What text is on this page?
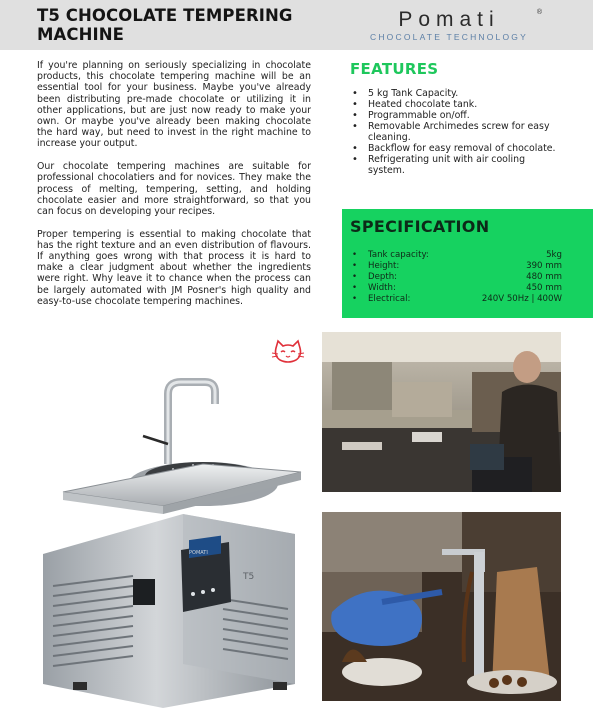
T5 CHOCOLATE TEMPERING MACHINE
Pomati	®
CHOCOLATE TECHNOLOGY

If you're planning on seriously specializing in chocolate products, this chocolate tempering machine will be an essential tool for your business. Maybe you've already been distributing pre-made chocolate or utilizing it in other applications, but are just now ready to make your own. Or maybe you've already been making chocolate the hard way, but need to invest in the right machine to increase your output.

Our chocolate tempering machines are suitable for professional chocolatiers and for novices. They make the process of melting, tempering, setting, and holding chocolate easier and more straightforward, so that you can focus on developing your recipes.

Proper tempering is essential to making chocolate that has the right texture and an even distribution of flavours. If anything goes wrong with that process it is hard to make a clear judgment about whether the ingredients were right. Why leave it to chance when the process can be largely automated with JM Posner's high quality and easy-to-use chocolate tempering machines.

FEATURES
• 5 kg Tank Capacity.
• Heated chocolate tank.
• Programmable on/off.
• Removable Archimedes screw for easy cleaning.
• Backflow for easy removal of chocolate.
• Refrigerating unit with air cooling system.
SPECIFICATION
• Tank capacity:	5kg
• Height:	390 mm
• Depth:	480 mm
• Width:	450 mm
• Electrical:	240V 50Hz | 400W
POMATI
T5
